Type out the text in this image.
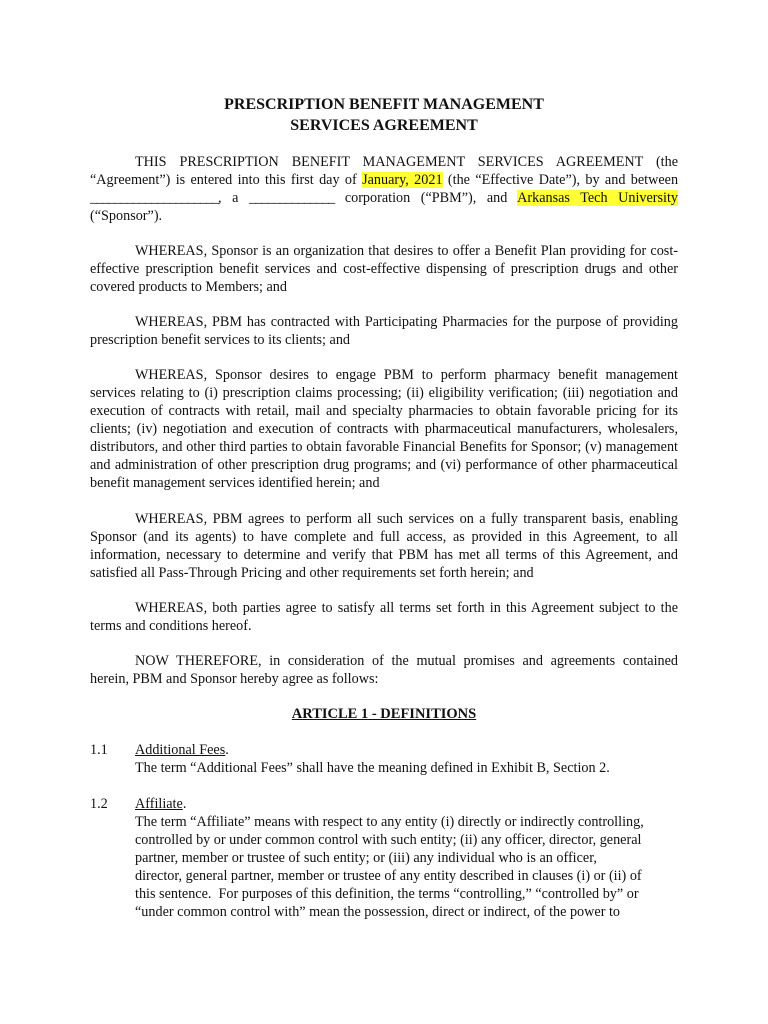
PRESCRIPTION BENEFIT MANAGEMENT
SERVICES AGREEMENT
THIS PRESCRIPTION BENEFIT MANAGEMENT SERVICES AGREEMENT (the “Agreement”) is entered into this first day of January, 2021 (the “Effective Date”), by and between _____________________, a ______________ corporation (“PBM”), and Arkansas Tech University (“Sponsor”).
WHEREAS, Sponsor is an organization that desires to offer a Benefit Plan providing for cost-effective prescription benefit services and cost-effective dispensing of prescription drugs and other covered products to Members; and
WHEREAS, PBM has contracted with Participating Pharmacies for the purpose of providing prescription benefit services to its clients; and
WHEREAS, Sponsor desires to engage PBM to perform pharmacy benefit management services relating to (i) prescription claims processing; (ii) eligibility verification; (iii) negotiation and execution of contracts with retail, mail and specialty pharmacies to obtain favorable pricing for its clients; (iv) negotiation and execution of contracts with pharmaceutical manufacturers, wholesalers, distributors, and other third parties to obtain favorable Financial Benefits for Sponsor; (v) management and administration of other prescription drug programs; and (vi) performance of other pharmaceutical benefit management services identified herein; and
WHEREAS, PBM agrees to perform all such services on a fully transparent basis, enabling Sponsor (and its agents) to have complete and full access, as provided in this Agreement, to all information, necessary to determine and verify that PBM has met all terms of this Agreement, and satisfied all Pass-Through Pricing and other requirements set forth herein; and
WHEREAS, both parties agree to satisfy all terms set forth in this Agreement subject to the terms and conditions hereof.
NOW THEREFORE, in consideration of the mutual promises and agreements contained herein, PBM and Sponsor hereby agree as follows:
ARTICLE 1 - DEFINITIONS
1.1 Additional Fees.
The term “Additional Fees” shall have the meaning defined in Exhibit B, Section 2.
1.2 Affiliate.
The term “Affiliate” means with respect to any entity (i) directly or indirectly controlling,
controlled by or under common control with such entity; (ii) any officer, director, general
partner, member or trustee of such entity; or (iii) any individual who is an officer,
director, general partner, member or trustee of any entity described in clauses (i) or (ii) of
this sentence.  For purposes of this definition, the terms “controlling,” “controlled by” or
“under common control with” mean the possession, direct or indirect, of the power to
